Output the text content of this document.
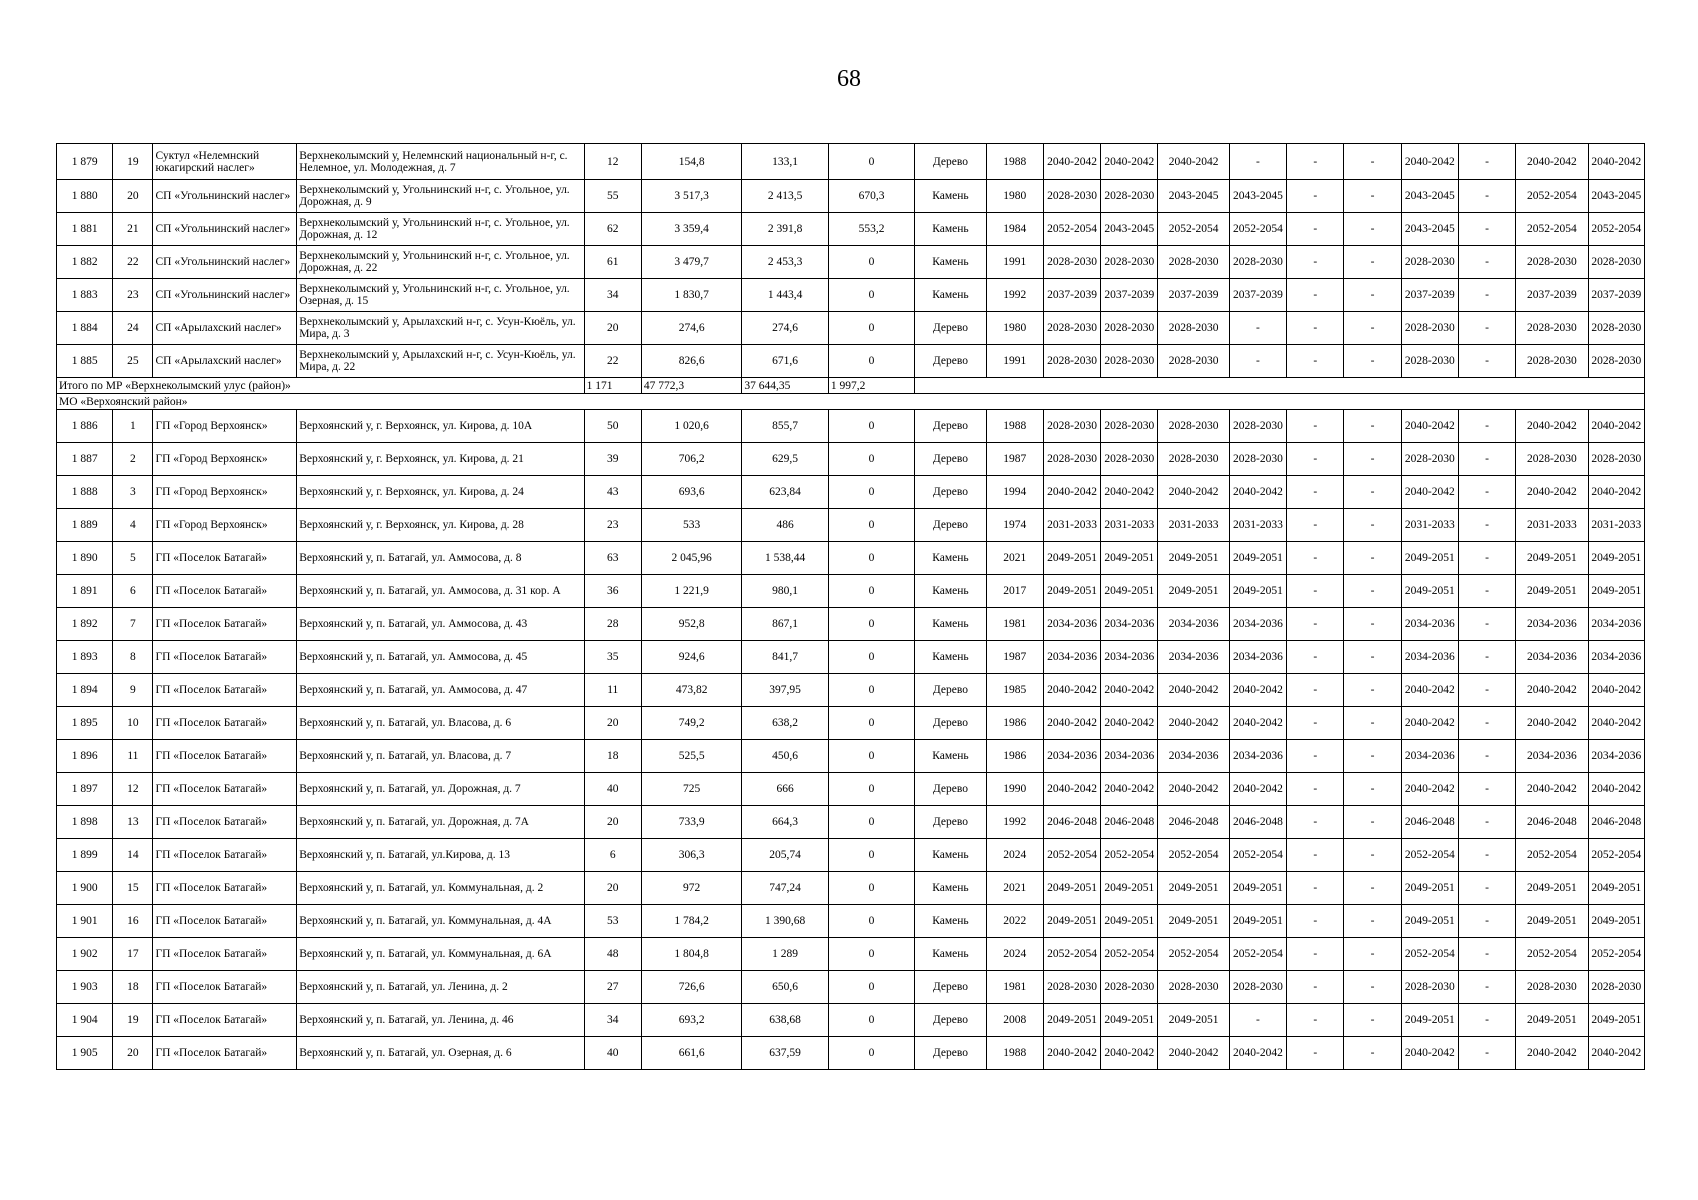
68
1 879	19	Суктул «Нелемнский юкагирский наслег»	Верхнеколымский у, Нелемнский национальный н-г, с. Нелемное, ул. Молодежная, д. 7	12	154,8	133,1	0	Дерево	1988	2040-2042	2040-2042	2040-2042	-	-	-	2040-2042	-	2040-2042	2040-2042
1 880	20	СП «Угольнинский наслег»	Верхнеколымский у, Угольнинский н-г, с. Угольное, ул. Дорожная, д. 9	55	3 517,3	2 413,5	670,3	Камень	1980	2028-2030	2028-2030	2043-2045	2043-2045	-	-	2043-2045	-	2052-2054	2043-2045
1 881	21	СП «Угольнинский наслег»	Верхнеколымский у, Угольнинский н-г, с. Угольное, ул. Дорожная, д. 12	62	3 359,4	2 391,8	553,2	Камень	1984	2052-2054	2043-2045	2052-2054	2052-2054	-	-	2043-2045	-	2052-2054	2052-2054
1 882	22	СП «Угольнинский наслег»	Верхнеколымский у, Угольнинский н-г, с. Угольное, ул. Дорожная, д. 22	61	3 479,7	2 453,3	0	Камень	1991	2028-2030	2028-2030	2028-2030	2028-2030	-	-	2028-2030	-	2028-2030	2028-2030
1 883	23	СП «Угольнинский наслег»	Верхнеколымский у, Угольнинский н-г, с. Угольное, ул. Озерная, д. 15	34	1 830,7	1 443,4	0	Камень	1992	2037-2039	2037-2039	2037-2039	2037-2039	-	-	2037-2039	-	2037-2039	2037-2039
1 884	24	СП «Арылахский наслег»	Верхнеколымский у, Арылахский н-г, с. Усун-Кюёль, ул. Мира, д. 3	20	274,6	274,6	0	Дерево	1980	2028-2030	2028-2030	2028-2030	-	-	-	2028-2030	-	2028-2030	2028-2030
1 885	25	СП «Арылахский наслег»	Верхнеколымский у, Арылахский н-г, с. Усун-Кюёль, ул. Мира, д. 22	22	826,6	671,6	0	Дерево	1991	2028-2030	2028-2030	2028-2030	-	-	-	2028-2030	-	2028-2030	2028-2030
Итого по МР «Верхнеколымский улус (район)»				1 171	47 772,3	37 644,35	1 997,2												
МО «Верхоянский район»																			
1 886	1	ГП «Город Верхоянск»	Верхоянский у, г. Верхоянск, ул. Кирова, д. 10А	50	1 020,6	855,7	0	Дерево	1988	2028-2030	2028-2030	2028-2030	2028-2030	-	-	2040-2042	-	2040-2042	2040-2042
1 887	2	ГП «Город Верхоянск»	Верхоянский у, г. Верхоянск, ул. Кирова, д. 21	39	706,2	629,5	0	Дерево	1987	2028-2030	2028-2030	2028-2030	2028-2030	-	-	2028-2030	-	2028-2030	2028-2030
1 888	3	ГП «Город Верхоянск»	Верхоянский у, г. Верхоянск, ул. Кирова, д. 24	43	693,6	623,84	0	Дерево	1994	2040-2042	2040-2042	2040-2042	2040-2042	-	-	2040-2042	-	2040-2042	2040-2042
1 889	4	ГП «Город Верхоянск»	Верхоянский у, г. Верхоянск, ул. Кирова, д. 28	23	533	486	0	Дерево	1974	2031-2033	2031-2033	2031-2033	2031-2033	-	-	2031-2033	-	2031-2033	2031-2033
1 890	5	ГП «Поселок Батагай»	Верхоянский у, п. Батагай, ул. Аммосова, д. 8	63	2 045,96	1 538,44	0	Камень	2021	2049-2051	2049-2051	2049-2051	2049-2051	-	-	2049-2051	-	2049-2051	2049-2051
1 891	6	ГП «Поселок Батагай»	Верхоянский у, п. Батагай, ул. Аммосова, д. 31 кор. А	36	1 221,9	980,1	0	Камень	2017	2049-2051	2049-2051	2049-2051	2049-2051	-	-	2049-2051	-	2049-2051	2049-2051
1 892	7	ГП «Поселок Батагай»	Верхоянский у, п. Батагай, ул. Аммосова, д. 43	28	952,8	867,1	0	Камень	1981	2034-2036	2034-2036	2034-2036	2034-2036	-	-	2034-2036	-	2034-2036	2034-2036
1 893	8	ГП «Поселок Батагай»	Верхоянский у, п. Батагай, ул. Аммосова, д. 45	35	924,6	841,7	0	Камень	1987	2034-2036	2034-2036	2034-2036	2034-2036	-	-	2034-2036	-	2034-2036	2034-2036
1 894	9	ГП «Поселок Батагай»	Верхоянский у, п. Батагай, ул. Аммосова, д. 47	11	473,82	397,95	0	Дерево	1985	2040-2042	2040-2042	2040-2042	2040-2042	-	-	2040-2042	-	2040-2042	2040-2042
1 895	10	ГП «Поселок Батагай»	Верхоянский у, п. Батагай, ул. Власова, д. 6	20	749,2	638,2	0	Дерево	1986	2040-2042	2040-2042	2040-2042	2040-2042	-	-	2040-2042	-	2040-2042	2040-2042
1 896	11	ГП «Поселок Батагай»	Верхоянский у, п. Батагай, ул. Власова, д. 7	18	525,5	450,6	0	Камень	1986	2034-2036	2034-2036	2034-2036	2034-2036	-	-	2034-2036	-	2034-2036	2034-2036
1 897	12	ГП «Поселок Батагай»	Верхоянский у, п. Батагай, ул. Дорожная, д. 7	40	725	666	0	Дерево	1990	2040-2042	2040-2042	2040-2042	2040-2042	-	-	2040-2042	-	2040-2042	2040-2042
1 898	13	ГП «Поселок Батагай»	Верхоянский у, п. Батагай, ул. Дорожная, д. 7А	20	733,9	664,3	0	Дерево	1992	2046-2048	2046-2048	2046-2048	2046-2048	-	-	2046-2048	-	2046-2048	2046-2048
1 899	14	ГП «Поселок Батагай»	Верхоянский у, п. Батагай, ул.Кирова, д. 13	6	306,3	205,74	0	Камень	2024	2052-2054	2052-2054	2052-2054	2052-2054	-	-	2052-2054	-	2052-2054	2052-2054
1 900	15	ГП «Поселок Батагай»	Верхоянский у, п. Батагай, ул. Коммунальная, д. 2	20	972	747,24	0	Камень	2021	2049-2051	2049-2051	2049-2051	2049-2051	-	-	2049-2051	-	2049-2051	2049-2051
1 901	16	ГП «Поселок Батагай»	Верхоянский у, п. Батагай, ул. Коммунальная, д. 4А	53	1 784,2	1 390,68	0	Камень	2022	2049-2051	2049-2051	2049-2051	2049-2051	-	-	2049-2051	-	2049-2051	2049-2051
1 902	17	ГП «Поселок Батагай»	Верхоянский у, п. Батагай, ул. Коммунальная, д. 6А	48	1 804,8	1 289	0	Камень	2024	2052-2054	2052-2054	2052-2054	2052-2054	-	-	2052-2054	-	2052-2054	2052-2054
1 903	18	ГП «Поселок Батагай»	Верхоянский у, п. Батагай, ул. Ленина, д. 2	27	726,6	650,6	0	Дерево	1981	2028-2030	2028-2030	2028-2030	2028-2030	-	-	2028-2030	-	2028-2030	2028-2030
1 904	19	ГП «Поселок Батагай»	Верхоянский у, п. Батагай, ул. Ленина, д. 46	34	693,2	638,68	0	Дерево	2008	2049-2051	2049-2051	2049-2051	-	-	-	2049-2051	-	2049-2051	2049-2051
1 905	20	ГП «Поселок Батагай»	Верхоянский у, п. Батагай, ул. Озерная, д. 6	40	661,6	637,59	0	Дерево	1988	2040-2042	2040-2042	2040-2042	2040-2042	-	-	2040-2042	-	2040-2042	2040-2042
